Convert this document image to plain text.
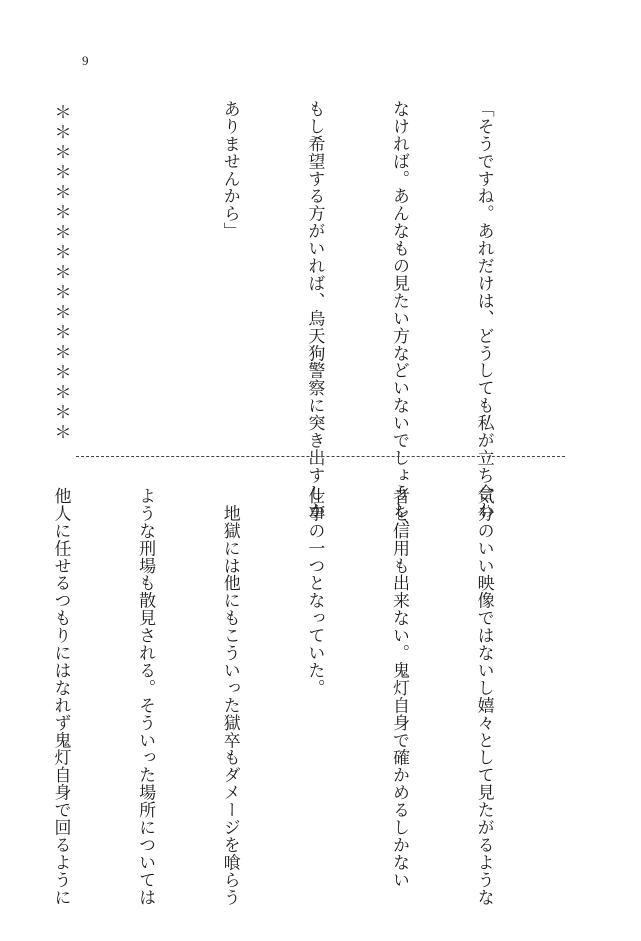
9

「そうですね。あれだけは、どうしても私が立ち合わ

なければ。あんなもの見たい方などいないでしょうし、

もし希望する方がいれば、烏天狗警察に突き出すしか

ありませんから」

＊＊＊＊＊＊＊＊＊＊＊＊＊＊＊＊＊

気分のいい映像ではないし嬉々として見たがるような

者を信用も出来ない。鬼灯自身で確かめるしかない

仕事の一つとなっていた。

　地獄には他にもこういった獄卒もダメージを喰らう

ような刑場も散見される。そういった場所については

他人に任せるつもりにはなれず鬼灯自身で回るように
